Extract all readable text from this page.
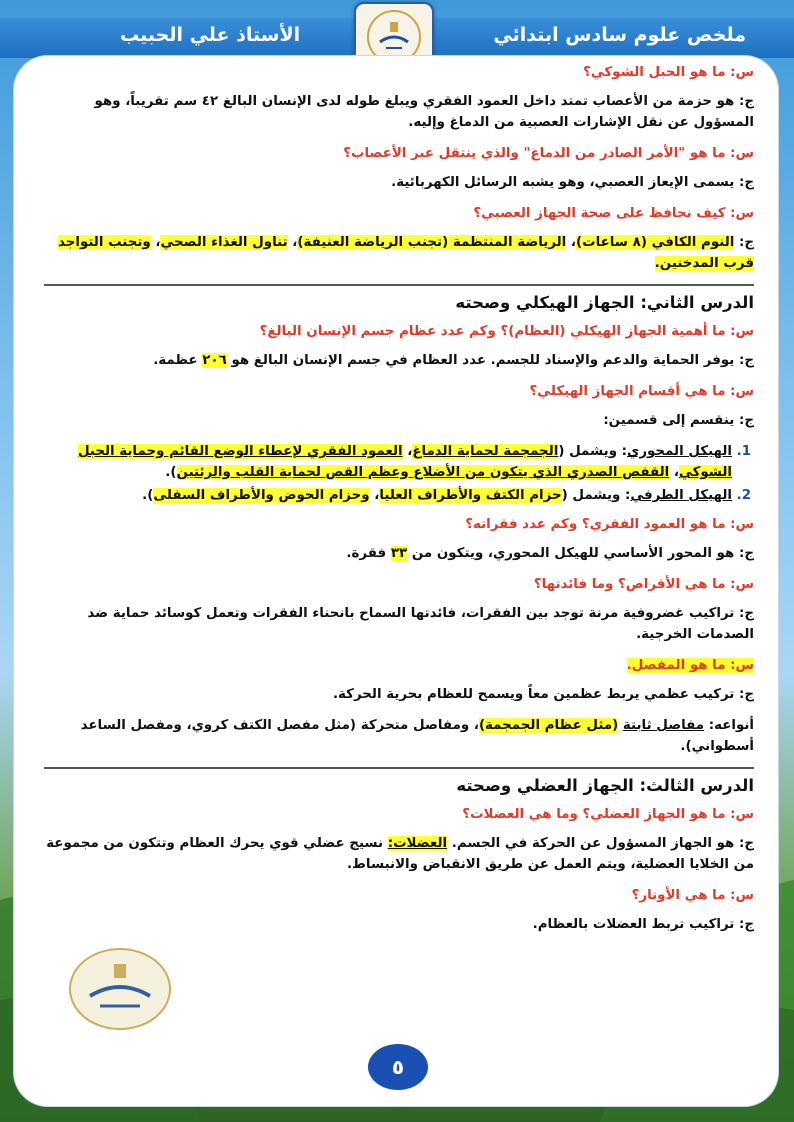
ملخص علوم سادس ابتدائي
الأستاذ علي الحبيب
س: ما هو الحبل الشوكي؟
ج: هو حزمة من الأعصاب تمتد داخل العمود الفقري ويبلغ طوله لدى الإنسان البالغ ٤٢ سم تقريباً، وهو المسؤول عن نقل الإشارات العصبية من الدماغ وإليه.
س: ما هو "الأمر الصادر من الدماغ" والذي ينتقل عبر الأعصاب؟
ج: يسمى الإيعاز العصبي، وهو يشبه الرسائل الكهربائية.
س: كيف نحافظ على صحة الجهاز العصبي؟
ج: النوم الكافي (٨ ساعات)، الرياضة المنتظمة (تجنب الرياضة العنيفة)، تناول الغذاء الصحي، وتجنب التواجد قرب المدخنين.
الدرس الثاني: الجهاز الهيكلي وصحته
س: ما أهمية الجهاز الهيكلي (العظام)؟ وكم عدد عظام جسم الإنسان البالغ؟
ج: يوفر الحماية والدعم والإسناد للجسم. عدد العظام في جسم الإنسان البالغ هو ٢٠٦ عظمة.
س: ما هي أقسام الجهاز الهيكلي؟
ج: ينقسم إلى قسمين:
1. الهيكل المحوري: ويشمل (الجمجمة لحماية الدماغ، العمود الفقري لإعطاء الوضع القائم وحماية الحبل الشوكي، القفص الصدري الذي يتكون من الأضلاع وعظم القص لحماية القلب والرئتين).
2. الهيكل الطرفي: ويشمل (حزام الكتف والأطراف العليا، وحزام الحوض والأطراف السفلى).
س: ما هو العمود الفقري؟ وكم عدد فقراته؟
ج: هو المحور الأساسي للهيكل المحوري، ويتكون من ٣٣ فقرة.
س: ما هي الأقراص؟ وما فائدتها؟
ج: تراكيب غضروفية مرنة توجد بين الفقرات، فائدتها السماح بانحناء الفقرات وتعمل كوسائد حماية ضد الصدمات الخرجية.
س: ما هو المفصل.
ج: تركيب عظمي يربط عظمين معاً ويسمح للعظام بحرية الحركة.
أنواعه: مفاصل ثابتة (مثل عظام الجمجمة)، ومفاصل متحركة (مثل مفصل الكتف كروي، ومفصل الساعد أسطواني).
الدرس الثالث: الجهاز العضلي وصحته
س: ما هو الجهاز العضلي؟ وما هي العضلات؟
ج: هو الجهاز المسؤول عن الحركة في الجسم. العضلات: نسيج عضلي قوي يحرك العظام وتتكون من مجموعة من الخلايا العضلية، ويتم العمل عن طريق الانقباض والانبساط.
س: ما هي الأوتار؟
ج: تراكيب تربط العضلات بالعظام.
٥
